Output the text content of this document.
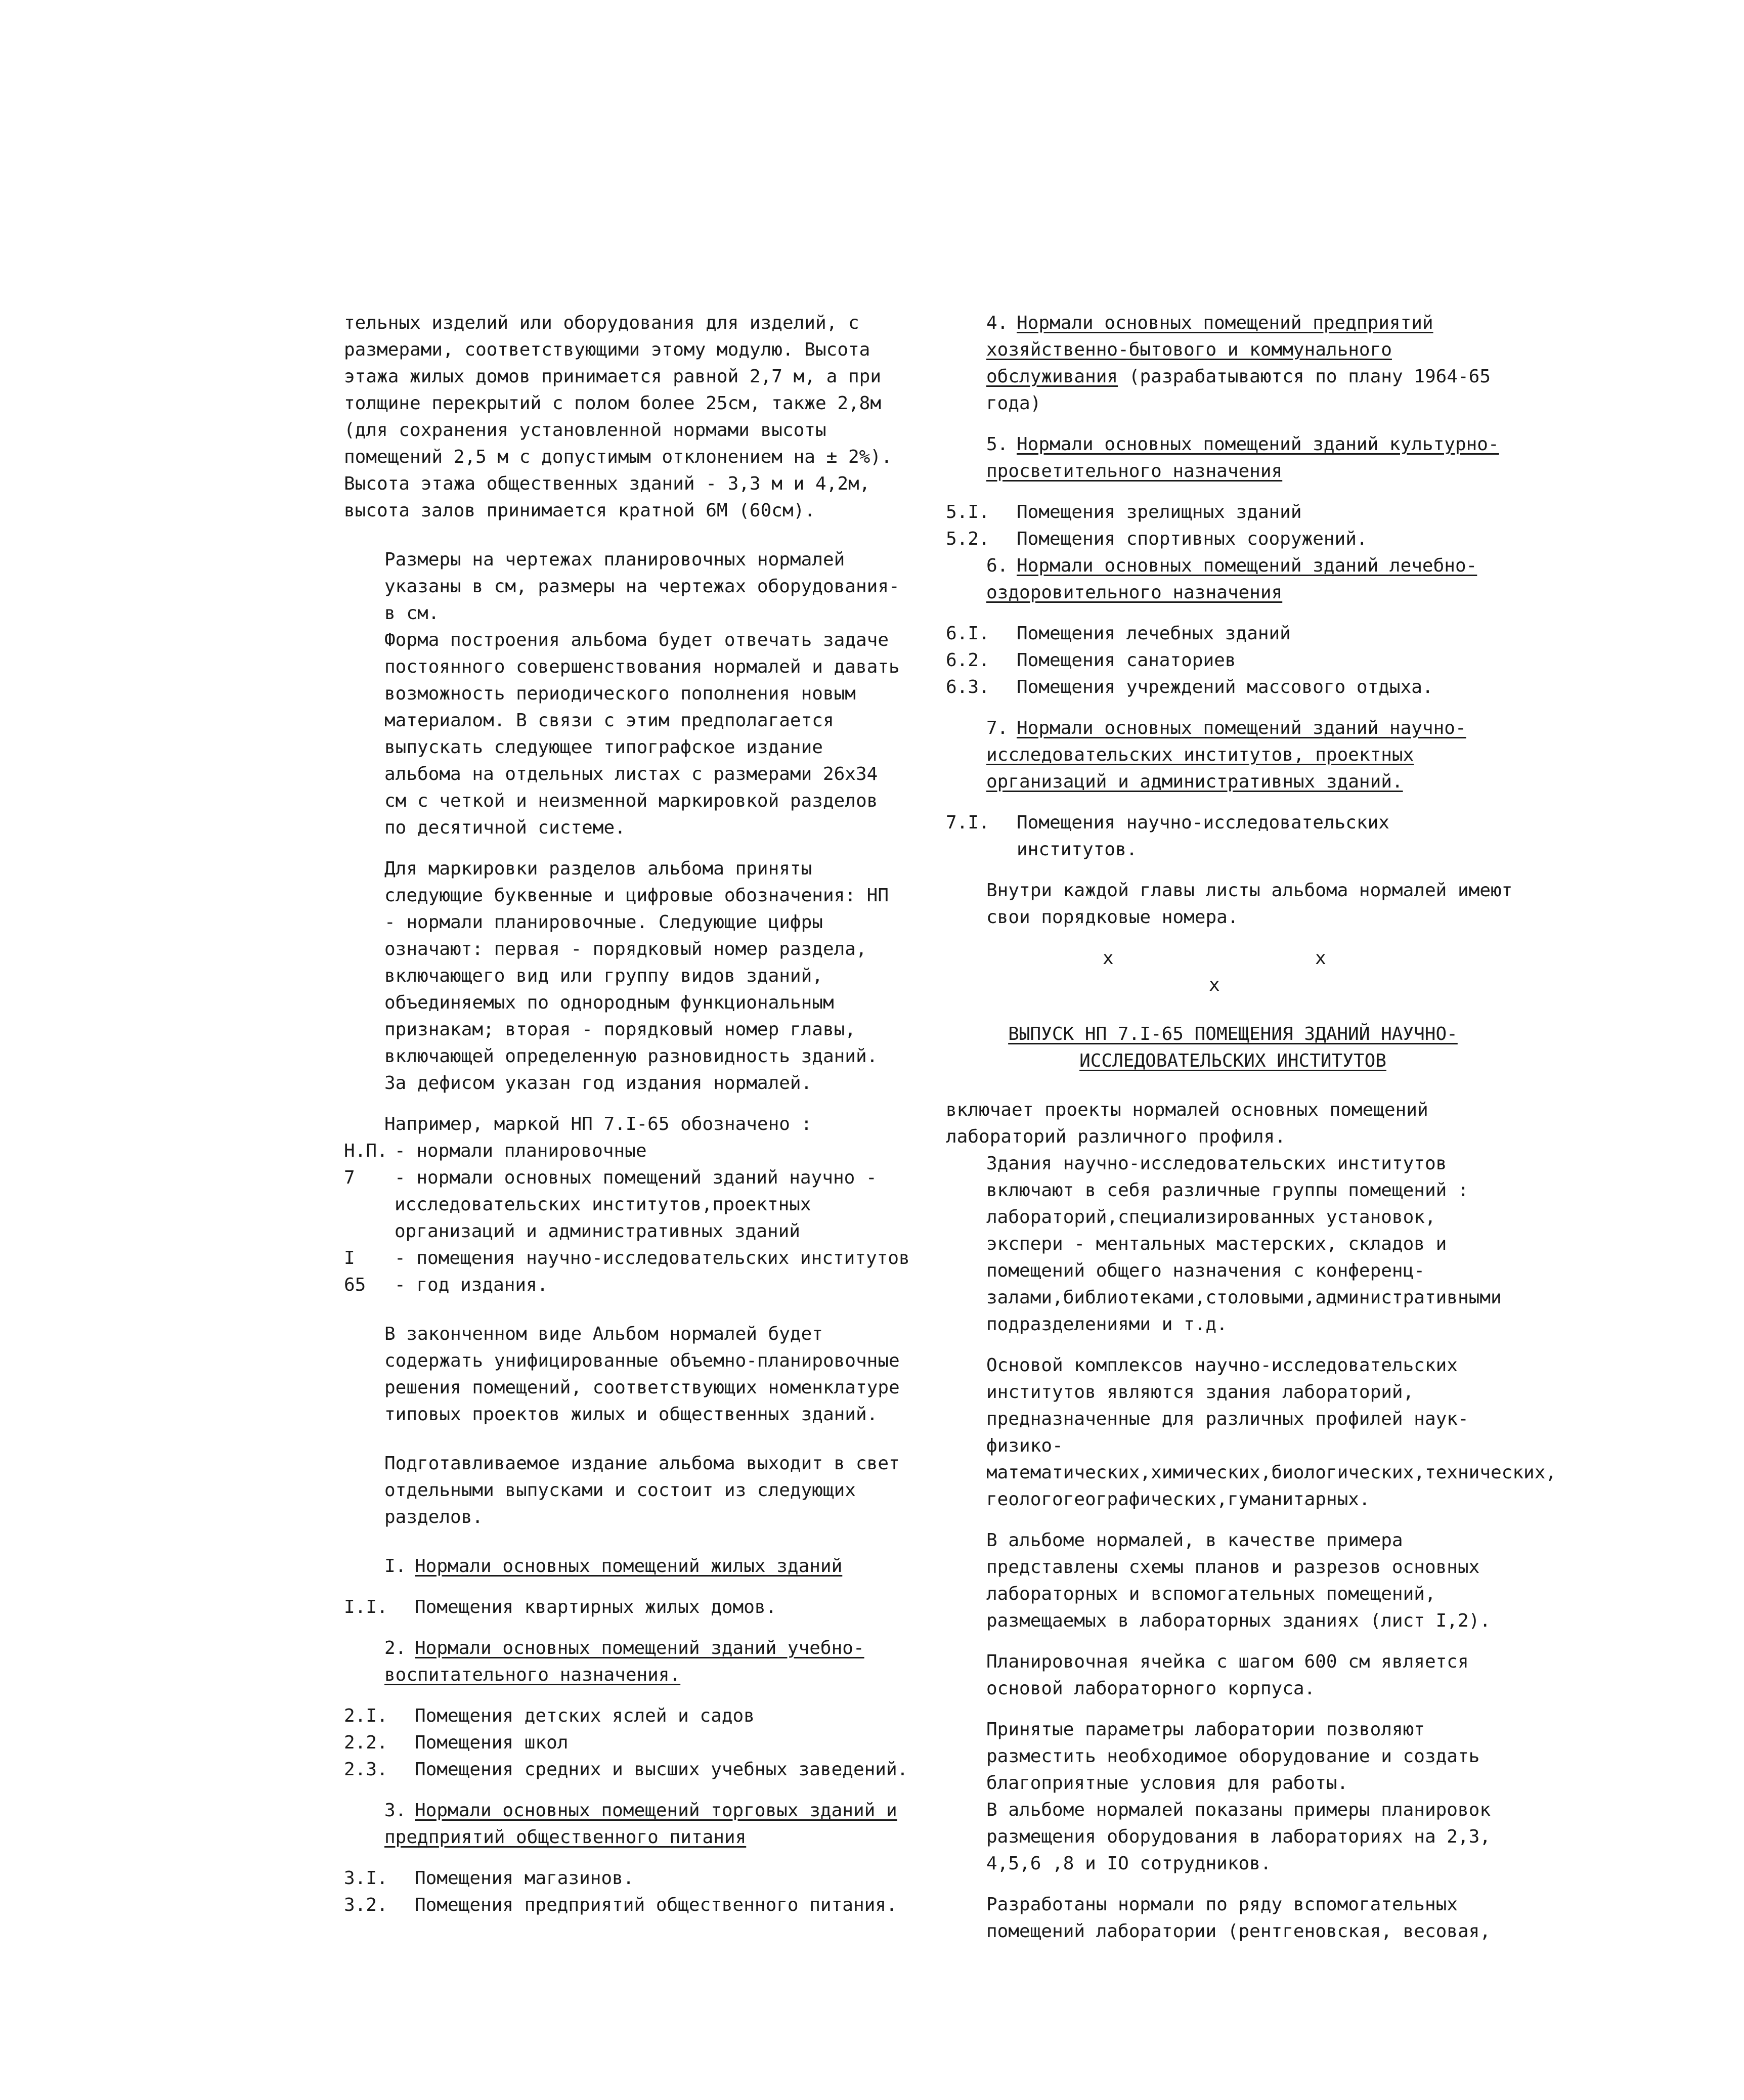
тельных изделий или оборудования для изделий, с размерами, соответствующими этому модулю. Высота этажа жилых домов принимается равной 2,7 м, а при толщине перекрытий с полом более 25см, также 2,8м (для сохранения установленной нормами высоты помещений 2,5 м с допустимым отклонением на ± 2%). Высота этажа общественных зданий - 3,3 м и 4,2м, высота залов принимается кратной 6М (60см).

Размеры на чертежах планировочных нормалей указаны в см, размеры на чертежах оборудования- в см.

Форма построения альбома будет отвечать задаче постоянного совершенствования нормалей и давать возможность периодического пополнения новым материалом. В связи с этим предполагается выпускать следующее типографское издание альбома на отдельных листах с размерами 26х34 см с четкой и неизменной маркировкой разделов по десятичной системе.

Для маркировки разделов альбома приняты следующие буквенные и цифровые обозначения: НП - нормали планировочные. Следующие цифры означают: первая - порядковый номер раздела, включающего вид или группу видов зданий, объединяемых по однородным функциональным признакам; вторая - порядковый номер главы, включающей определенную разновидность зданий. За дефисом указан год издания нормалей.

Например, маркой НП 7.I-65 обозначено :

Н.П. - нормали планировочные
7	- нормали основных помещений зданий научно - исследовательских институтов,проектных организаций и административных зданий
I	- помещения научно-исследовательских институтов
65	- год издания.

В законченном виде Альбом нормалей будет содержать унифицированные объемно-планировочные решения помещений, соответствующих номенклатуре типовых проектов жилых и общественных зданий.

Подготавливаемое издание альбома выходит в свет отдельными выпусками и состоит из следующих разделов.

I. Нормали основных помещений жилых зданий

I.I.	Помещения квартирных жилых домов.

2. Нормали основных помещений зданий учебно-воспитательного назначения.

2.I.	Помещения детских яслей и садов
2.2.	Помещения школ
2.3.	Помещения средних и высших учебных заведений.

3. Нормали основных помещений торговых зданий и предприятий общественного питания

3.I.	Помещения магазинов.
3.2.	Помещения предприятий общественного питания.

4. Нормали основных помещений предприятий хозяйственно-бытового и коммунального обслуживания (разрабатываются по плану 1964-65 года)

5. Нормали основных помещений зданий культурно-просветительного назначения

5.I.	Помещения зрелищных зданий
5.2.	Помещения спортивных сооружений.

6. Нормали основных помещений зданий лечебно-оздоровительного назначения

6.I.	Помещения лечебных зданий
6.2.	Помещения санаториев
6.3.	Помещения учреждений массового отдыха.

7. Нормали основных помещений зданий научно-исследовательских институтов, проектных организаций и административных зданий.

7.I.	Помещения научно-исследовательских институтов.

Внутри каждой главы листы альбома нормалей имеют свои порядковые номера.

x	x
x

ВЫПУСК НП 7.I-65 ПОМЕЩЕНИЯ ЗДАНИЙ НАУЧНО-ИССЛЕДОВАТЕЛЬСКИХ ИНСТИТУТОВ

включает проекты нормалей основных помещений лабораторий различного профиля.

Здания научно-исследовательских институтов включают в себя различные группы помещений : лабораторий,специализированных установок, экспери - ментальных мастерских, складов и помещений общего назначения с конференц-залами,библиотеками,столовыми,административными подразделениями и т.д.

Основой комплексов научно-исследовательских институтов являются здания лабораторий, предназначенные для различных профилей наук- физико-математических,химических,биологических,технических, геологогеографических,гуманитарных.

В альбоме нормалей, в качестве примера представлены схемы планов и разрезов основных лабораторных и вспомогательных помещений, размещаемых в лабораторных зданиях (лист I,2).

Планировочная ячейка с шагом 600 см является основой лабораторного корпуса.

Принятые параметры лаборатории позволяют разместить необходимое оборудование и создать благоприятные условия для работы.

В альбоме нормалей показаны примеры планировок размещения оборудования в лабораториях на 2,3, 4,5,6 ,8 и IO сотрудников.

Разработаны нормали по ряду вспомогательных помещений лаборатории (рентгеновская, весовая,
